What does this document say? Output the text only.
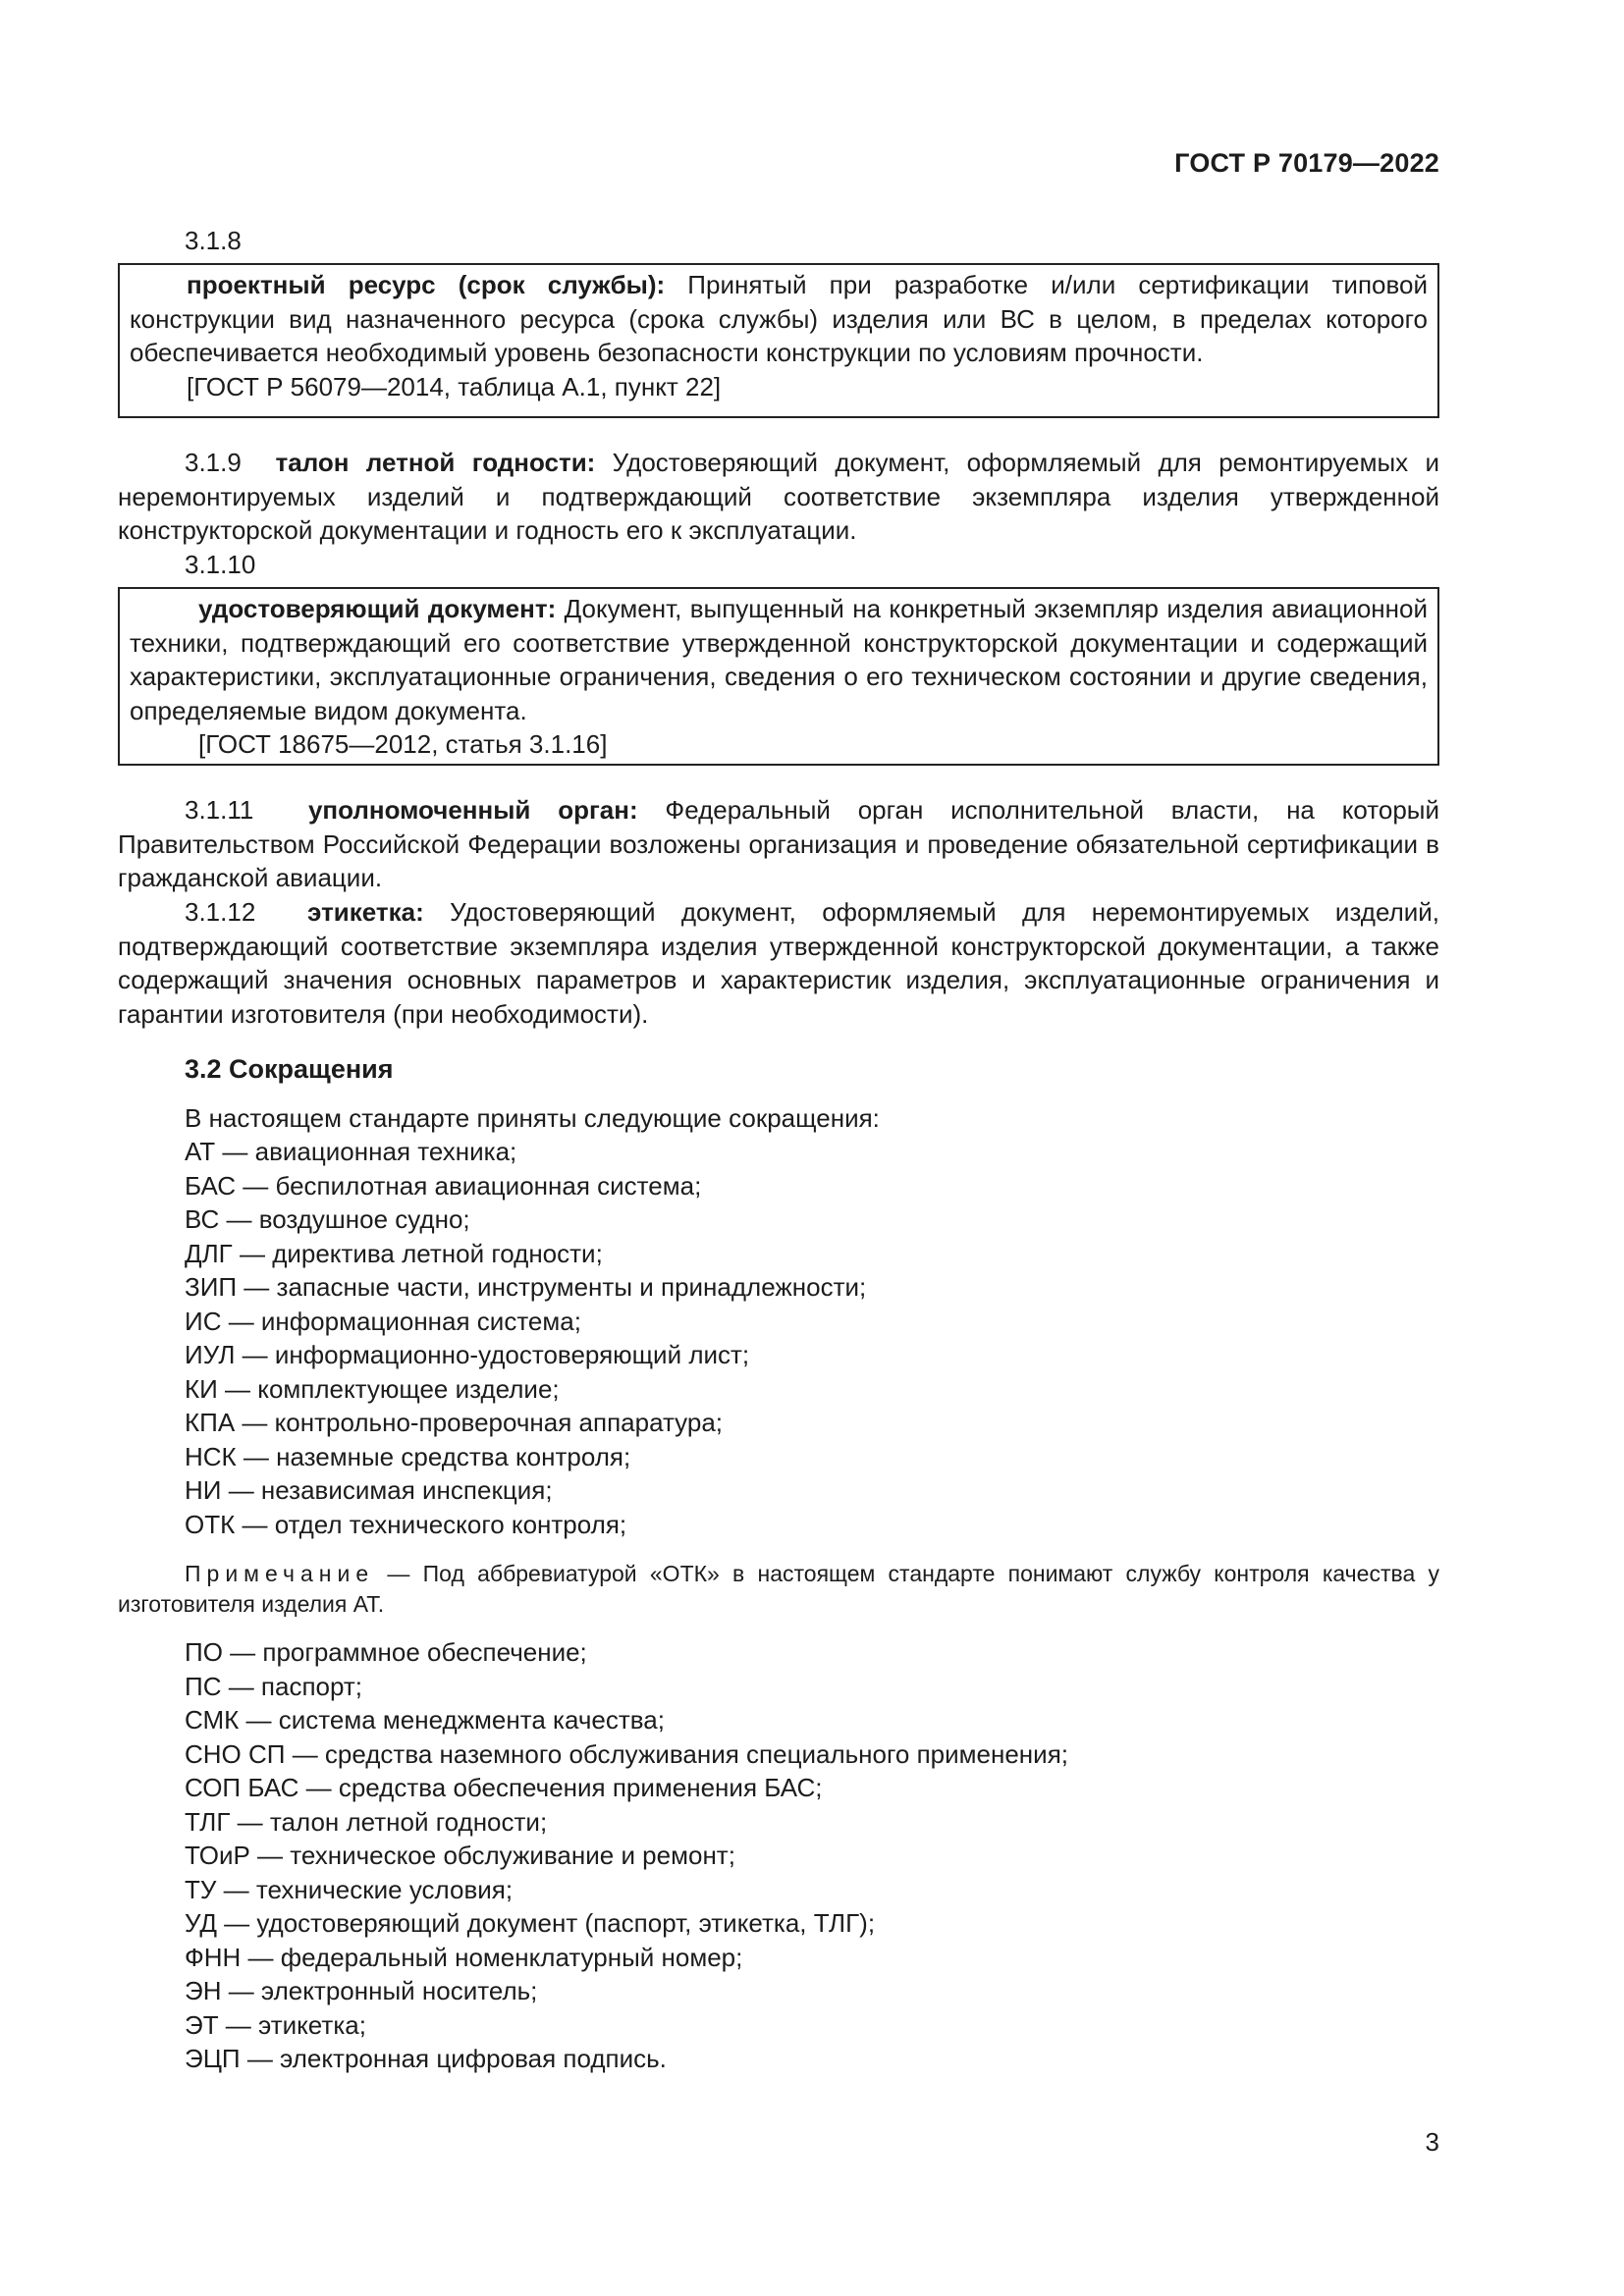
ГОСТ Р 70179—2022
3.1.8
проектный ресурс (срок службы): Принятый при разработке и/или сертификации типовой конструкции вид назначенного ресурса (срока службы) изделия или ВС в целом, в пределах которого обеспечивается необходимый уровень безопасности конструкции по условиям прочности.
[ГОСТ Р 56079—2014, таблица А.1, пункт 22]
3.1.9 талон летной годности: Удостоверяющий документ, оформляемый для ремонтируемых и неремонтируемых изделий и подтверждающий соответствие экземпляра изделия утвержденной конструкторской документации и годность его к эксплуатации.
3.1.10
удостоверяющий документ: Документ, выпущенный на конкретный экземпляр изделия авиационной техники, подтверждающий его соответствие утвержденной конструкторской документации и содержащий характеристики, эксплуатационные ограничения, сведения о его техническом состоянии и другие сведения, определяемые видом документа.
[ГОСТ 18675—2012, статья 3.1.16]
3.1.11 уполномоченный орган: Федеральный орган исполнительной власти, на который Правительством Российской Федерации возложены организация и проведение обязательной сертификации в гражданской авиации.
3.1.12 этикетка: Удостоверяющий документ, оформляемый для неремонтируемых изделий, подтверждающий соответствие экземпляра изделия утвержденной конструкторской документации, а также содержащий значения основных параметров и характеристик изделия, эксплуатационные ограничения и гарантии изготовителя (при необходимости).
3.2 Сокращения
В настоящем стандарте приняты следующие сокращения:
АТ — авиационная техника;
БАС — беспилотная авиационная система;
ВС — воздушное судно;
ДЛГ — директива летной годности;
ЗИП — запасные части, инструменты и принадлежности;
ИС — информационная система;
ИУЛ — информационно-удостоверяющий лист;
КИ — комплектующее изделие;
КПА — контрольно-проверочная аппаратура;
НСК — наземные средства контроля;
НИ — независимая инспекция;
ОТК — отдел технического контроля;
Примечание — Под аббревиатурой «ОТК» в настоящем стандарте понимают службу контроля качества у изготовителя изделия АТ.
ПО — программное обеспечение;
ПС — паспорт;
СМК — система менеджмента качества;
СНО СП — средства наземного обслуживания специального применения;
СОП БАС — средства обеспечения применения БАС;
ТЛГ — талон летной годности;
ТОиР — техническое обслуживание и ремонт;
ТУ — технические условия;
УД — удостоверяющий документ (паспорт, этикетка, ТЛГ);
ФНН — федеральный номенклатурный номер;
ЭН — электронный носитель;
ЭТ — этикетка;
ЭЦП — электронная цифровая подпись.
3
